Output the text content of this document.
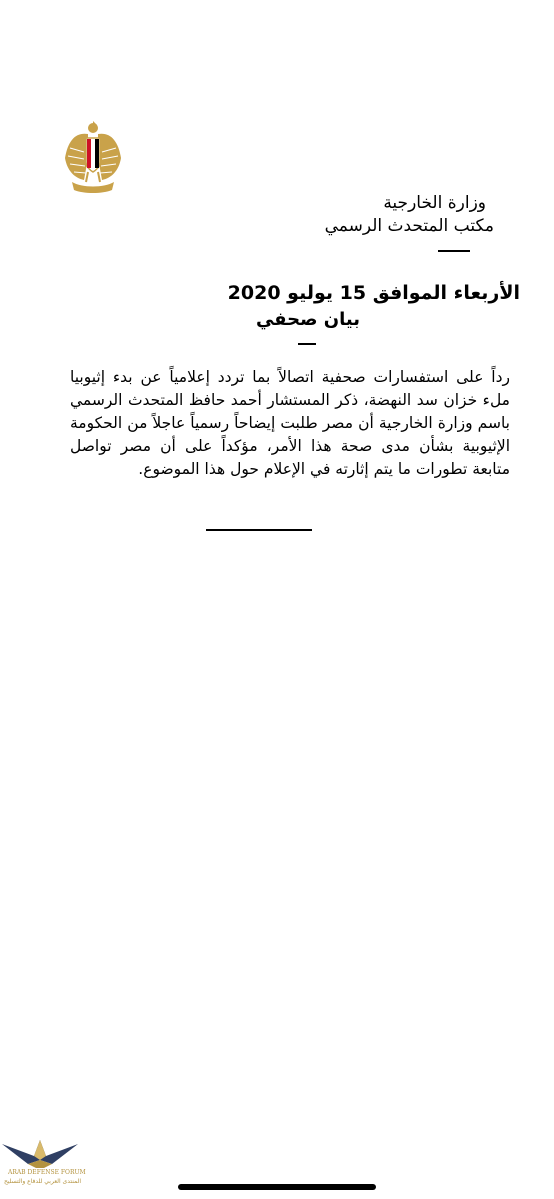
وزارة الخارجية

مكتب المتحدث الرسمي

الأربعاء الموافق 15 يوليو 2020
بيان صحفي
رداً على استفسارات صحفية اتصالاً بما تردد إعلامياً عن بدء إثيوبيا ملء خزان سد النهضة، ذكر المستشار أحمد حافظ المتحدث الرسمي باسم وزارة الخارجية أن مصر طلبت إيضاحاً رسمياً عاجلاً من الحكومة الإثيوبية بشأن مدى صحة هذا الأمر، مؤكداً على أن مصر تواصل متابعة تطورات ما يتم إثارته في الإعلام حول هذا الموضوع.
ARAB DEFENSE FORUM
المنتدى العربي للدفاع والتسليح
